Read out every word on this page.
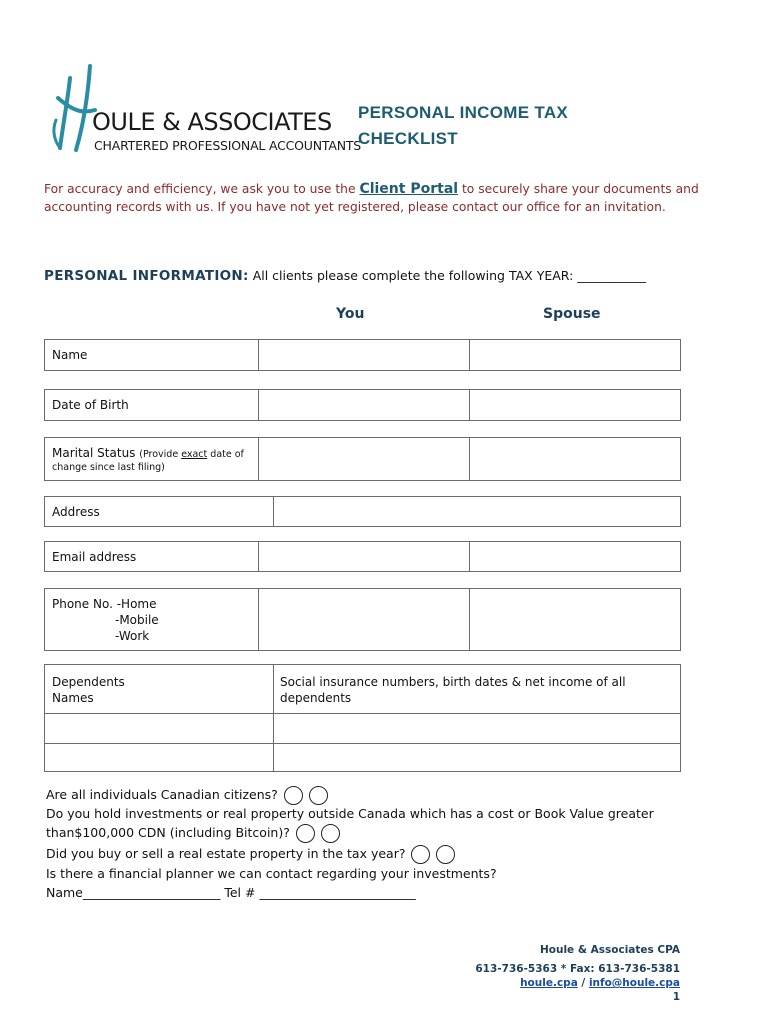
OULE & ASSOCIATES
CHARTERED PROFESSIONAL ACCOUNTANTS
PERSONAL INCOME TAX
CHECKLIST
For accuracy and efficiency, we ask you to use the Client Portal to securely share your documents and accounting records with us. If you have not yet registered, please contact our office for an invitation.
PERSONAL INFORMATION: All clients please complete the following TAX YEAR: ___________
You	Spouse
Name
Date of Birth
Marital Status (Provide exact date of
change since last filing)
Address
Email address
Phone No. -Home
-Mobile
-Work
Dependents
Names
Social insurance numbers, birth dates & net income of all
dependents
Are all individuals Canadian citizens?
Do you hold investments or real property outside Canada which has a cost or Book Value greater
than$100,000 CDN (including Bitcoin)?
Did you buy or sell a real estate property in the tax year?
Is there a financial planner we can contact regarding your investments?
Name______________________ Tel # _________________________
Houle & Associates CPA
613-736-5363 * Fax: 613-736-5381
houle.cpa / info@houle.cpa
1
